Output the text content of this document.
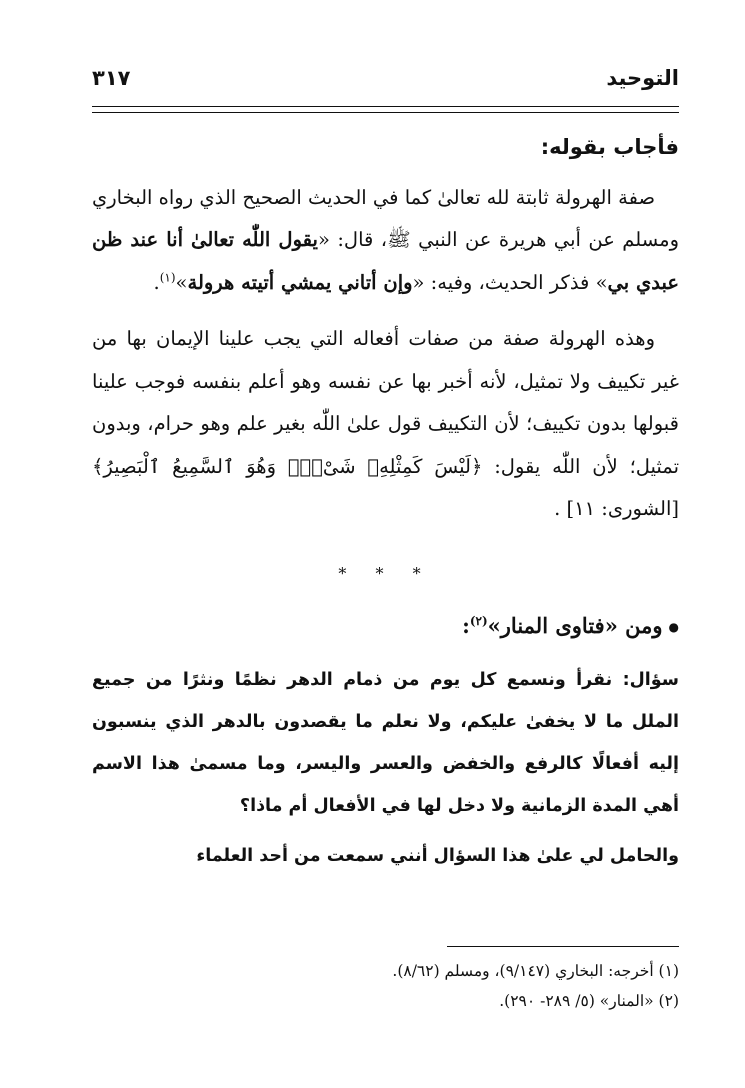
التوحيد
٣١٧

فأجاب بقوله:

صفة الهرولة ثابتة لله تعالىٰ كما في الحديث الصحيح الذي رواه البخاري ومسلم عن أبي هريرة عن النبي ﷺ، قال: «يقول اللّٰه تعالىٰ أنا عند ظن عبدي بي» فذكر الحديث، وفيه: «وإن أتاني يمشي أتيته هرولة»$^{(١)}$.

وهذه الهرولة صفة من صفات أفعاله التي يجب علينا الإيمان بها من غير تكييف ولا تمثيل، لأنه أخبر بها عن نفسه وهو أعلم بنفسه فوجب علينا قبولها بدون تكييف؛ لأن التكييف قول علىٰ اللّٰه بغير علم وهو حرام، وبدون تمثيل؛ لأن اللّٰه يقول: ﴿لَيْسَ كَمِثْلِهِۦ شَىْءٌۖ وَهُوَ ٱلسَّمِيعُ ٱلْبَصِيرُ﴾ [الشورى: ١١] .

* * *

●ومن «فتاوى المنار»$^{(٢)}$:

سؤال: نقرأ ونسمع كل يوم من ذمام الدهر نظمًا ونثرًا من جميع الملل ما لا يخفىٰ عليكم، ولا نعلم ما يقصدون بالدهر الذي ينسبون إليه أفعالًا كالرفع والخفض والعسر واليسر، وما مسمىٰ هذا الاسم أهي المدة الزمانية ولا دخل لها في الأفعال أم ماذا؟

والحامل لي علىٰ هذا السؤال أنني سمعت من أحد العلماء

(١) أخرجه: البخاري (٩/١٤٧)، ومسلم (٨/٦٢).

(٢) «المنار» (٥/ ٢٨٩- ٢٩٠).
